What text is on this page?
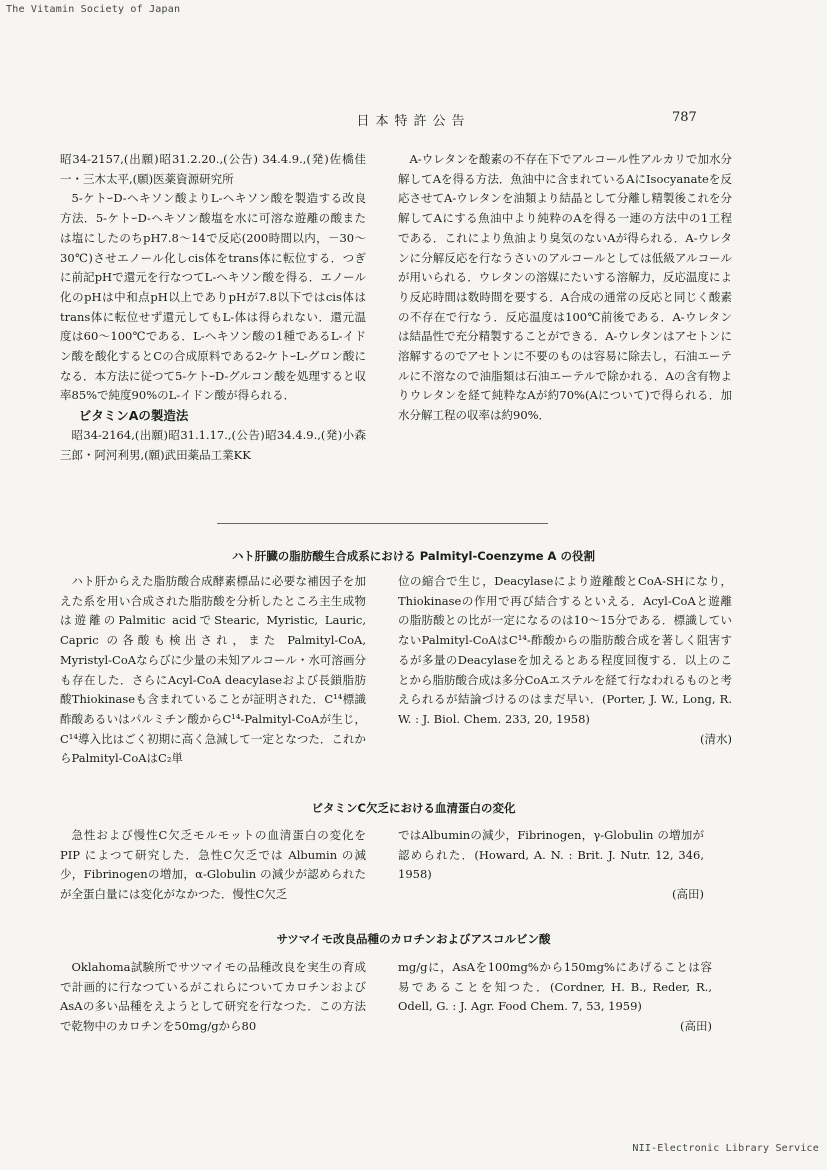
The Vitamin Society of Japan
日本特許公告	787

昭34-2157,(出願)昭31.2.20.,(公告) 34.4.9.,(発)佐橋佳一・三木太平,(願)医薬資源研究所

5-ケトｰD-ヘキソン酸よりL-ヘキソン酸を製造する改良方法．5-ケトｰD-ヘキソン酸塩を水に可溶な遊離の酸または塩にしたのちpH7.8～14で反応(200時間以内，－30～30℃)させエノール化しcis体をtrans体に転位する．つぎに前記pHで還元を行なつてL-ヘキソン酸を得る．エノール化のpHは中和点pH以上でありpHが7.8以下ではcis体はtrans体に転位せず還元してもL-体は得られない．還元温度は60～100℃である．L-ヘキソン酸の1種であるL-イドン酸を酸化するとCの合成原料である2-ケトｰL-グロン酸になる．本方法に従つて5-ケトｰD-グルコン酸を処理すると収率85%で純度90%のL-イドン酸が得られる．

ビタミンAの製造法

昭34-2164,(出願)昭31.1.17.,(公告)昭34.4.9.,(発)小森三郎・阿河利男,(願)武田薬品工業KK

A-ウレタンを酸素の不存在下でアルコール性アルカリで加水分解してAを得る方法．魚油中に含まれているAにIsocyanateを反応させてA-ウレタンを油類より結晶として分離し精製後これを分解してAにする魚油中より純粋のAを得る一連の方法中の1工程である．これにより魚油より臭気のないAが得られる．A-ウレタンに分解反応を行なうさいのアルコールとしては低級アルコールが用いられる．ウレタンの溶媒にたいする溶解力，反応温度により反応時間は数時間を要する．A合成の通常の反応と同じく酸素の不存在で行なう．反応温度は100℃前後である．A-ウレタンは結晶性で充分精製することができる．A-ウレタンはアセトンに溶解するのでアセトンに不要のものは容易に除去し，石油エーテルに不溶なので油脂類は石油エーテルで除かれる．Aの含有物よりウレタンを経て純粋なAが約70%(Aについて)で得られる．加水分解工程の収率は約90%．

ハト肝臓の脂肪酸生合成系における Palmityl-Coenzyme A の役割

ハト肝からえた脂肪酸合成酵素標品に必要な補因子を加えた系を用い合成された脂肪酸を分析したところ主生成物は遊離のPalmitic acidでStearic, Myristic, Lauric, Capric の各酸も検出され，また Palmityl-CoA, Myristyl-CoAならびに少量の未知アルコール・水可溶画分も存在した．さらにAcyl-CoA deacylaseおよび長鎖脂肪酸Thiokinaseも含まれていることが証明された．C¹⁴標識酢酸あるいはパルミチン酸からC¹⁴-Palmityl-CoAが生じ，C¹⁴導入比はごく初期に高く急減して一定となつた．これからPalmityl-CoAはC₂単

位の縮合で生じ，Deacylaseにより遊離酸とCoA-SHになり，Thiokinaseの作用で再び結合するといえる．Acyl-CoAと遊離の脂肪酸との比が一定になるのは10～15分である．標識していないPalmityl-CoAはC¹⁴-酢酸からの脂肪酸合成を著しく阻害するが多量のDeacylaseを加えるとある程度回復する．以上のことから脂肪酸合成は多分CoAエステルを経て行なわれるものと考えられるが結論づけるのはまだ早い．(Porter, J. W., Long, R. W. : J. Biol. Chem. 233, 20, 1958)

(清水)

ビタミンC欠乏における血清蛋白の変化

急性および慢性C欠乏モルモットの血清蛋白の変化を PIP によつて研究した．急性C欠乏では Albumin の減少，Fibrinogenの増加，α-Globulin の減少が認められたが全蛋白量には変化がなかつた．慢性C欠乏

ではAlbuminの減少，Fibrinogen，γ-Globulin の増加が認められた．(Howard, A. N. : Brit. J. Nutr. 12, 346, 1958)

(高田)

サツマイモ改良品種のカロチンおよびアスコルビン酸

Oklahoma試験所でサツマイモの品種改良を実生の育成で計画的に行なつているがこれらについてカロチンおよびAsAの多い品種をえようとして研究を行なつた．この方法で乾物中のカロチンを50mg/gから80

mg/gに，AsAを100mg%から150mg%にあげることは容易であることを知つた．(Cordner, H. B., Reder, R., Odell, G. : J. Agr. Food Chem. 7, 53, 1959)

(高田)

NII-Electronic Library Service
